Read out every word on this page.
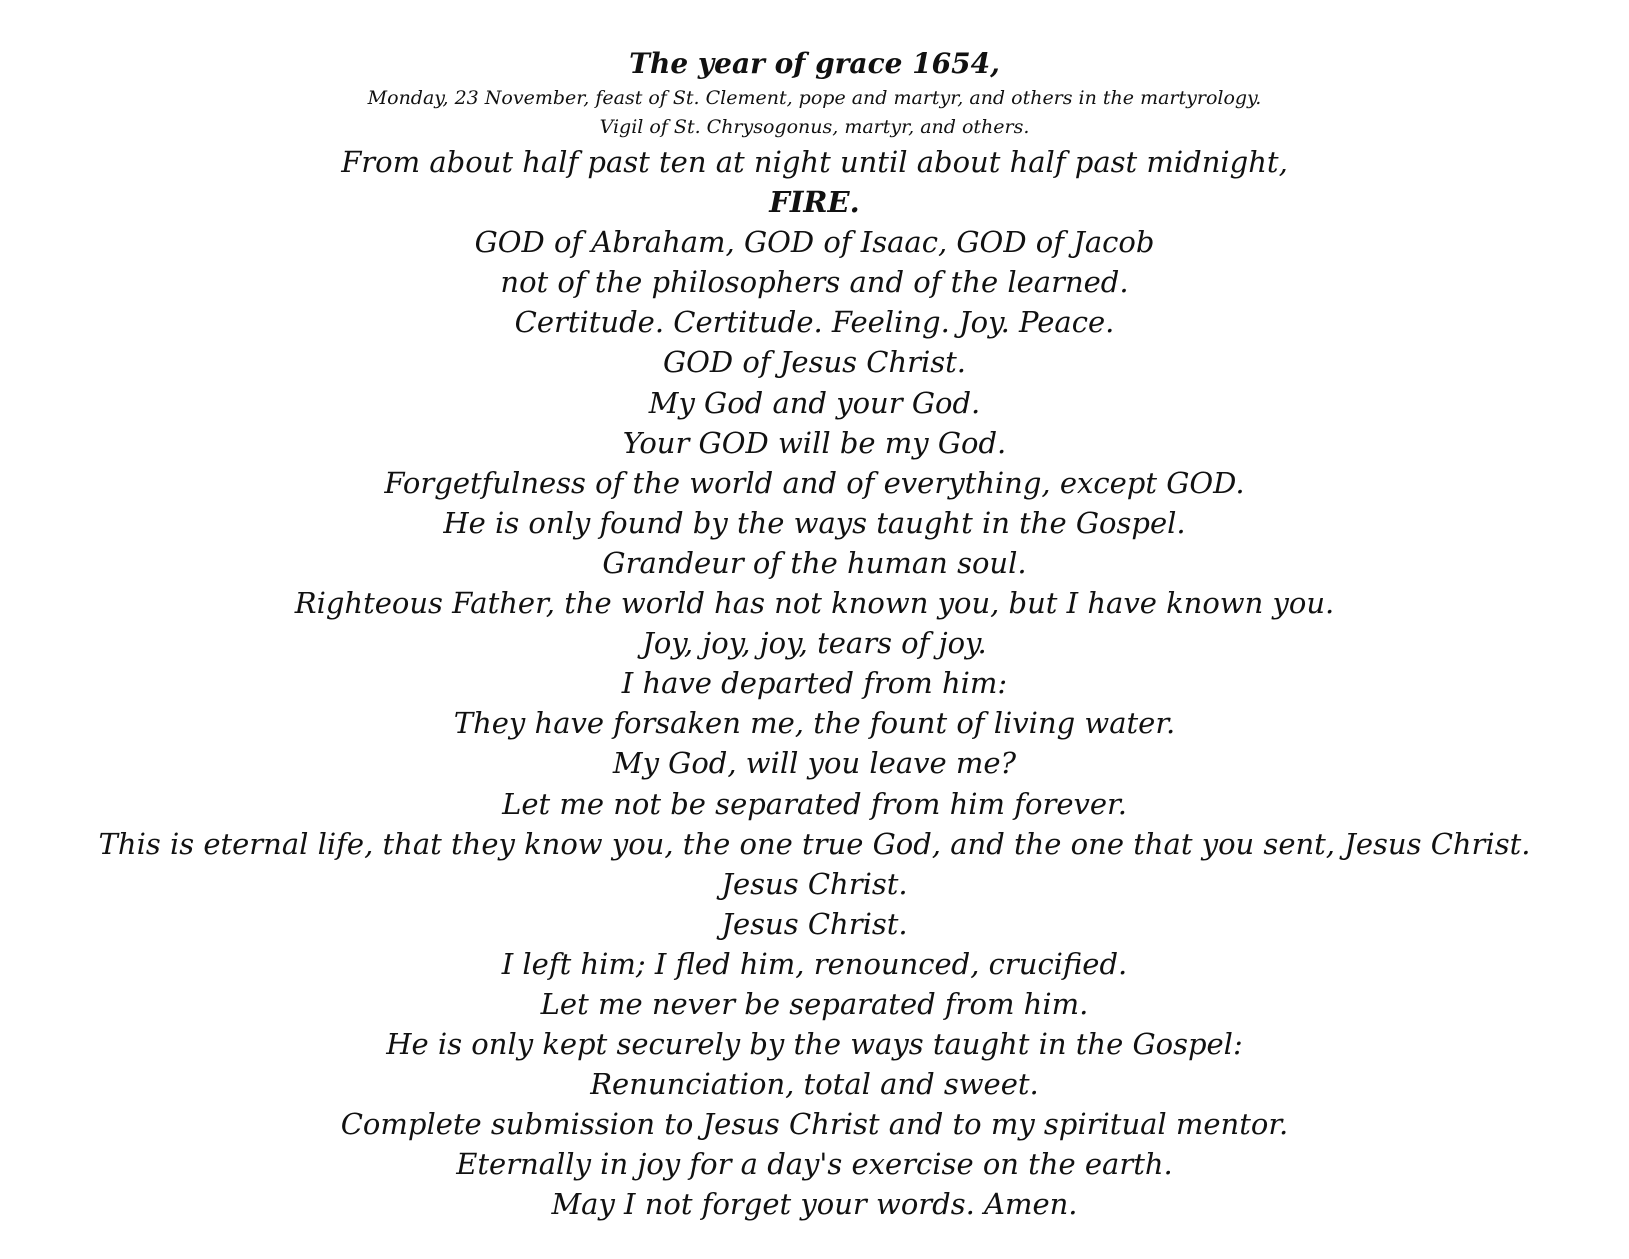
The year of grace 1654,

Monday, 23 November, feast of St. Clement, pope and martyr, and others in the martyrology.

Vigil of St. Chrysogonus, martyr, and others.

From about half past ten at night until about half past midnight,
FIRE.
GOD of Abraham, GOD of Isaac, GOD of Jacob
not of the philosophers and of the learned.
Certitude. Certitude. Feeling. Joy. Peace.
GOD of Jesus Christ.
My God and your God.
Your GOD will be my God.
Forgetfulness of the world and of everything, except GOD.
He is only found by the ways taught in the Gospel.
Grandeur of the human soul.
Righteous Father, the world has not known you, but I have known you.
Joy, joy, joy, tears of joy.
I have departed from him:
They have forsaken me, the fount of living water.
My God, will you leave me?
Let me not be separated from him forever.
This is eternal life, that they know you, the one true God, and the one that you sent, Jesus Christ.
Jesus Christ.
Jesus Christ.
I left him; I fled him, renounced, crucified.
Let me never be separated from him.
He is only kept securely by the ways taught in the Gospel:
Renunciation, total and sweet.
Complete submission to Jesus Christ and to my spiritual mentor.
Eternally in joy for a day's exercise on the earth.
May I not forget your words. Amen.
